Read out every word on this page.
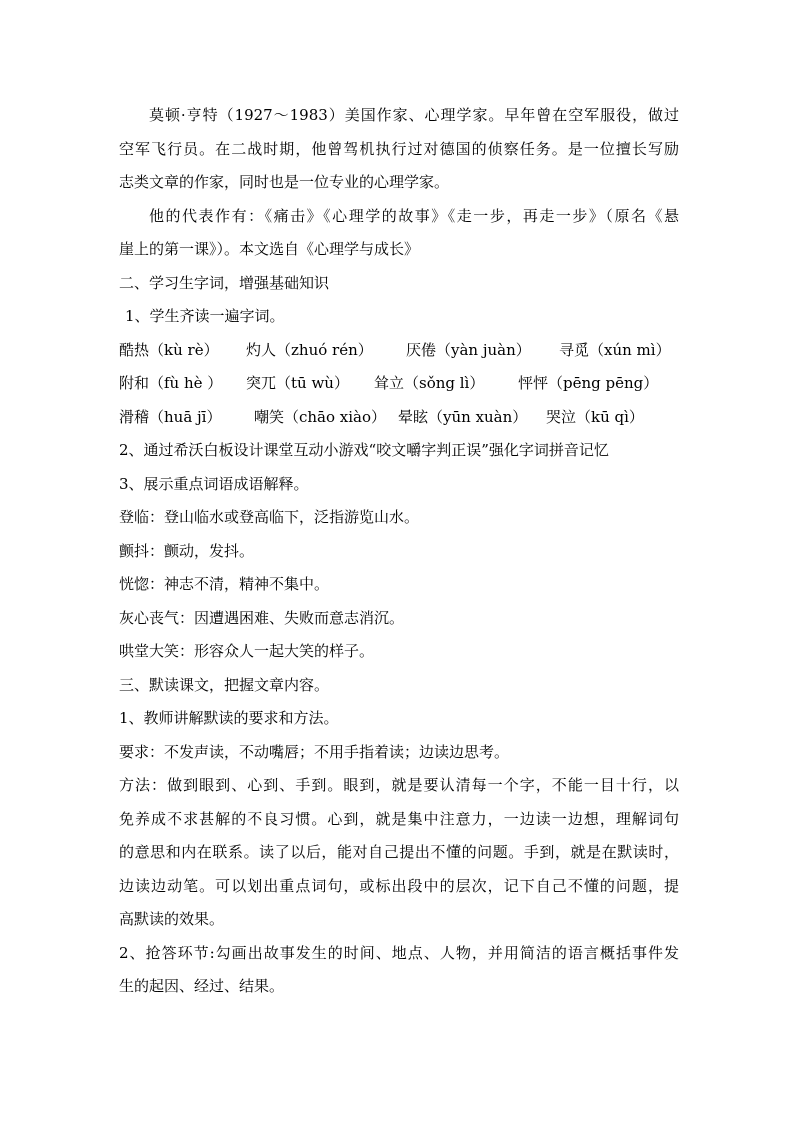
莫顿·亨特（1927～1983）美国作家、心理学家。早年曾在空军服役，做过
空军飞行员。在二战时期，他曾驾机执行过对德国的侦察任务。是一位擅长写励
志类文章的作家，同时也是一位专业的心理学家。
他的代表作有：《痛击》《心理学的故事》《走一步，再走一步》（原名《悬
崖上的第一课》）。本文选自《心理学与成长》
二、学习生字词，增强基础知识
1、学生齐读一遍字词。
酷热（kù rè）	灼人（zhuó rén）	厌倦（yàn juàn）	寻觅（xún mì）
附和（fù hè ）	突兀（tū wù）	耸立（sǒng lì）	怦怦（pēng pēng）
滑稽（huā jī）	嘲笑（chāo xiào） 晕眩（yūn xuàn）	哭泣（kū qì）
2、通过希沃白板设计课堂互动小游戏“咬文嚼字判正误”强化字词拼音记忆
3、展示重点词语成语解释。
登临：登山临水或登高临下，泛指游览山水。
颤抖：颤动，发抖。
恍惚：神志不清，精神不集中。
灰心丧气：因遭遇困难、失败而意志消沉。
哄堂大笑：形容众人一起大笑的样子。
三、默读课文，把握文章内容。
1、教师讲解默读的要求和方法。
要求：不发声读，不动嘴唇；不用手指着读；边读边思考。
方法：做到眼到、心到、手到。眼到，就是要认清每一个字，不能一目十行，以
免养成不求甚解的不良习惯。心到，就是集中注意力，一边读一边想，理解词句
的意思和内在联系。读了以后，能对自己提出不懂的问题。手到，就是在默读时，
边读边动笔。可以划出重点词句，或标出段中的层次，记下自己不懂的问题，提
高默读的效果。
2、抢答环节:勾画出故事发生的时间、地点、人物，并用简洁的语言概括事件发
生的起因、经过、结果。
